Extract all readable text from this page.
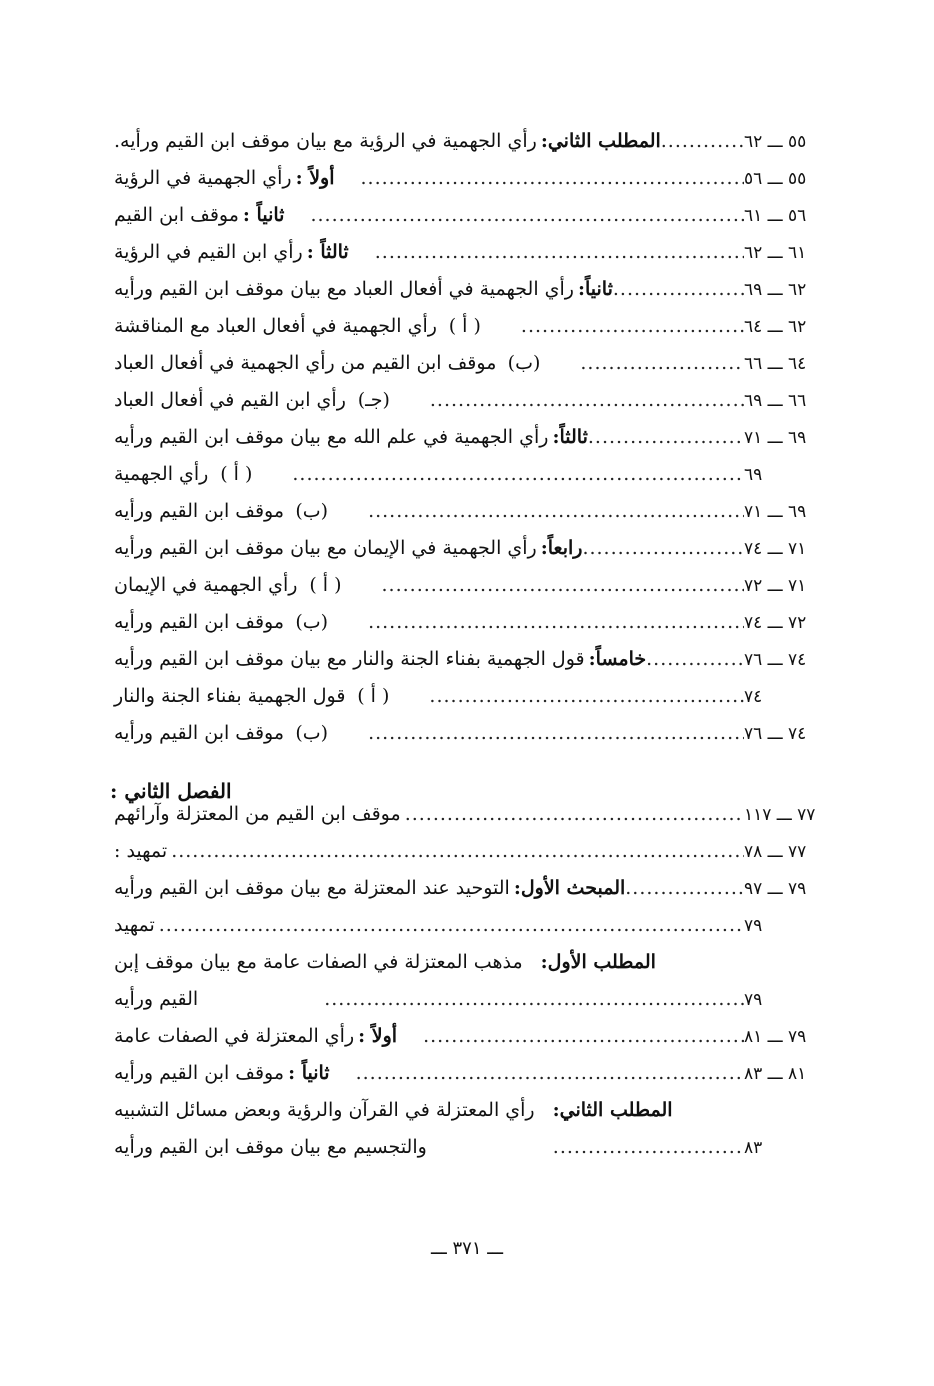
المطلب الثاني:رأي الجهمية في الرؤية مع بيان موقف ابن القيم ورأيه. .....	٥٥ ـــ ٦٢
أولاً :رأي الجهمية في الرؤية .....	٥٥ ـــ ٥٦
ثانياً :موقف ابن القيم .....	٥٦ ـــ ٦١
ثالثاً :رأي ابن القيم في الرؤية .....	٦١ ـــ ٦٢
ثانياً:رأي الجهمية في أفعال العباد مع بيان موقف ابن القيم ورأيه .....	٦٢ ـــ ٦٩
( أ )رأي الجهمية في أفعال العباد مع المناقشة .....	٦٢ ـــ ٦٤
(ب)موقف ابن القيم من رأي الجهمية في أفعال العباد .....	٦٤ ـــ ٦٦
(جـ)رأي ابن القيم في أفعال العباد .....	٦٦ ـــ ٦٩
ثالثاً:رأي الجهمية في علم الله مع بيان موقف ابن القيم ورأيه .....	٦٩ ـــ ٧١
( أ )رأي الجهمية .....	٦٩
(ب)موقف ابن القيم ورأيه .....	٦٩ ـــ ٧١
رابعاً:رأي الجهمية في الإيمان مع بيان موقف ابن القيم ورأيه .....	٧١ ـــ ٧٤
( أ )رأي الجهمية في الإيمان .....	٧١ ـــ ٧٢
(ب)موقف ابن القيم ورأيه .....	٧٢ ـــ ٧٤
خامساً:قول الجهمية بفناء الجنة والنار مع بيان موقف ابن القيم ورأيه .....	٧٤ ـــ ٧٦
( أ )قول الجهمية بفناء الجنة والنار .....	٧٤
(ب)موقف ابن القيم ورأيه .....	٧٤ ـــ ٧٦
الفصل الثاني :
موقف ابن القيم من المعتزلة وآرائهم .....	٧٧ ـــ ١١٧
تمهيد : .....	٧٧ ـــ ٧٨
المبحث الأول:التوحيد عند المعتزلة مع بيان موقف ابن القيم ورأيه .....	٧٩ ـــ ٩٧
تمهيد .....	٧٩
المطلب الأول:مذهب المعتزلة في الصفات عامة مع بيان موقف إبن
القيم ورأيه .....	٧٩
أولاً :رأي المعتزلة في الصفات عامة .....	٧٩ ـــ ٨١
ثانياً :موقف ابن القيم ورأيه .....	٨١ ـــ ٨٣
المطلب الثاني:رأي المعتزلة في القرآن والرؤية وبعض مسائل التشبيه
والتجسيم مع بيان موقف ابن القيم ورأيه .....	٨٣
ـــ ٣٧١ ـــ
